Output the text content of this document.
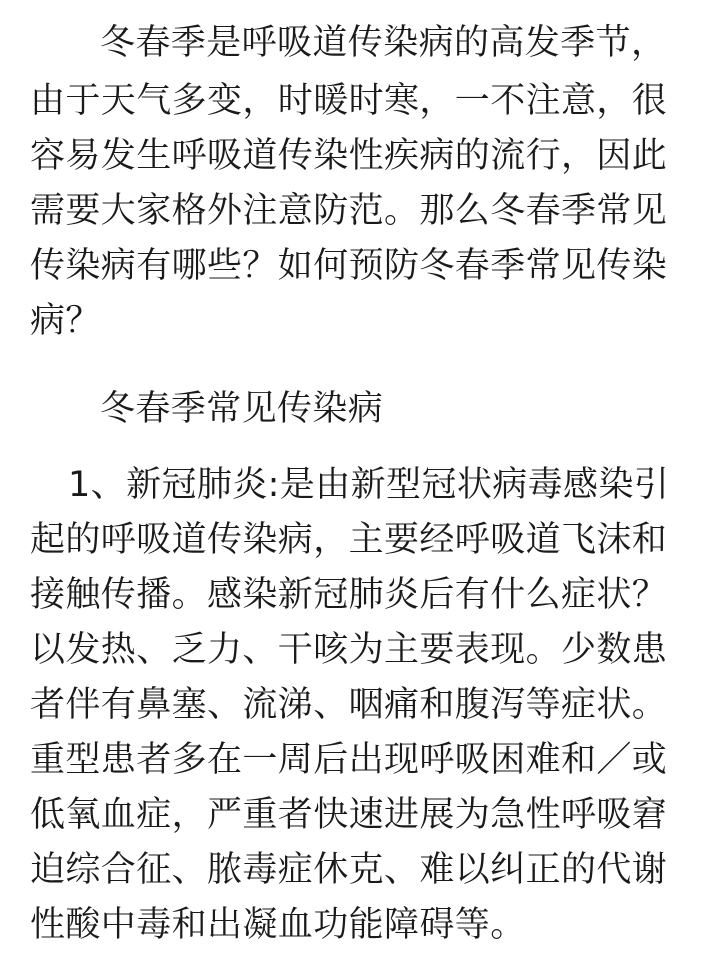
冬春季是呼吸道传染病的高发季节，
由于天气多变，时暖时寒，一不注意，很
容易发生呼吸道传染性疾病的流行，因此
需要大家格外注意防范。那么冬春季常见
传染病有哪些？如何预防冬春季常见传染
病？
冬春季常见传染病
1、新冠肺炎:是由新型冠状病毒感染引
起的呼吸道传染病，主要经呼吸道飞沫和
接触传播。感染新冠肺炎后有什么症状？
以发热、乏力、干咳为主要表现。少数患
者伴有鼻塞、流涕、咽痛和腹泻等症状。
重型患者多在一周后出现呼吸困难和／或
低氧血症，严重者快速进展为急性呼吸窘
迫综合征、脓毒症休克、难以纠正的代谢
性酸中毒和出凝血功能障碍等。
